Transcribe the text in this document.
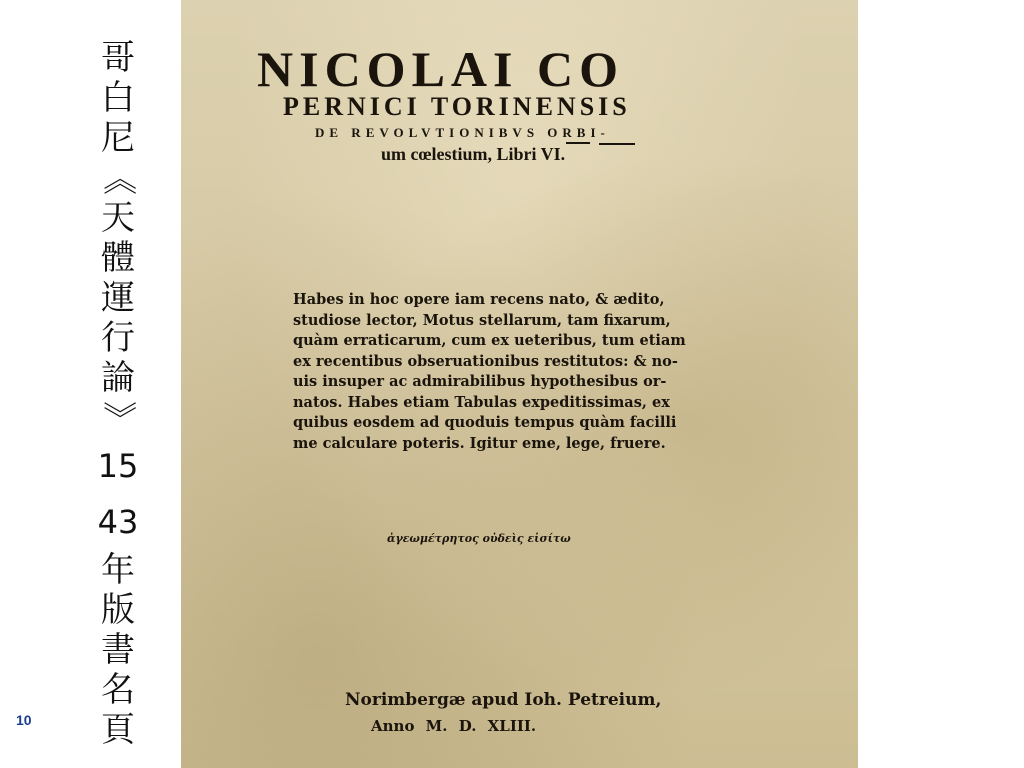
哥
白
尼
《
天
體
運
行
論
》
15
43
年
版
書
名
頁
10
NICOLAI CO
PERNICI TORINENSIS
DE REVOLVTIONIBVS ORBI-
um cœlestium, Libri VI.
Habes in hoc opere iam recens nato, & ædito,
studiose lector, Motus stellarum, tam fixarum,
quàm erraticarum, cum ex ueteribus, tum etiam
ex recentibus obseruationibus restitutos: & no-
uis insuper ac admirabilibus hypothesibus or-
natos. Habes etiam Tabulas expeditissimas, ex
quibus eosdem ad quoduis tempus quàm facilli
me calculare poteris. Igitur eme, lege, fruere.
ἀγεωμέτρητος οὐδεὶς εἰσίτω
Norimbergæ apud Ioh. Petreium,
Anno M. D. XLIII.
